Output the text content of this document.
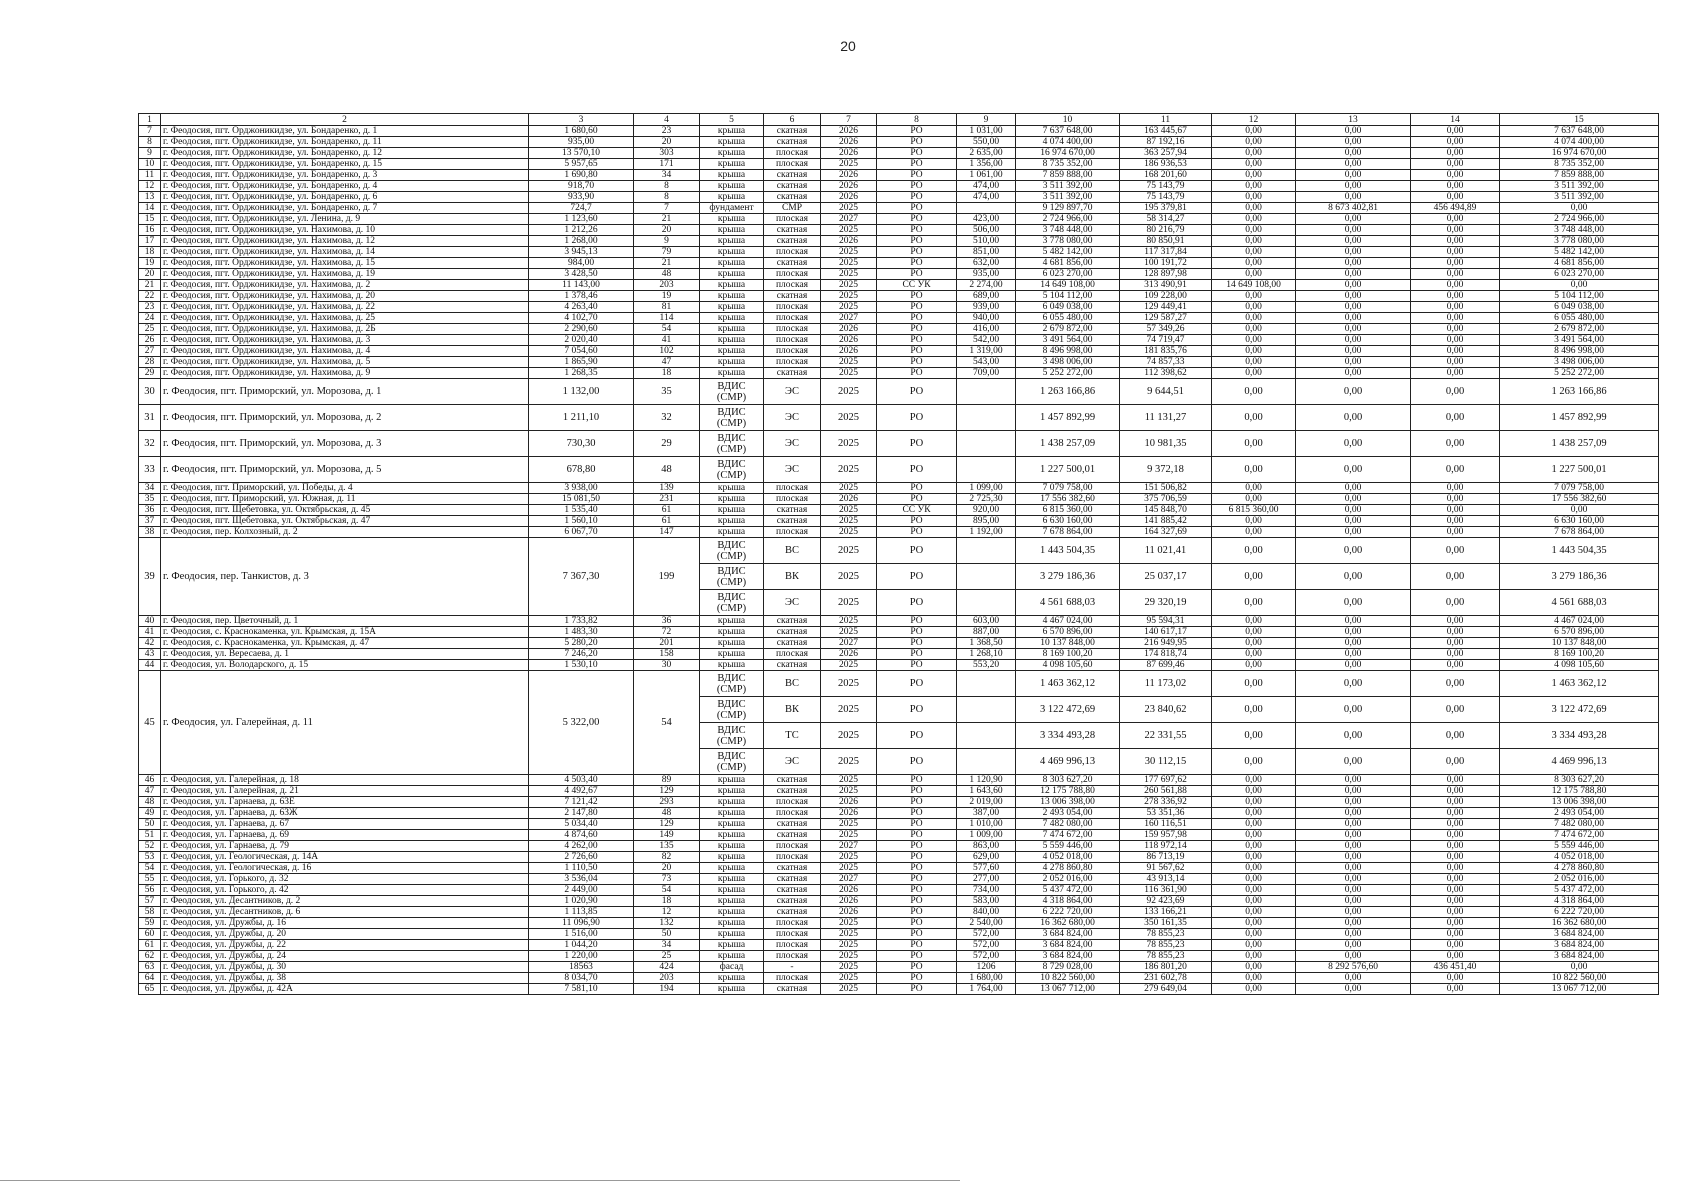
20
1	2	3	4	5	6	7	8	9	10	11	12	13	14	15
7	г. Феодосия, пгт. Орджоникидзе, ул. Бондаренко, д. 1	1 680,60	23	крыша	скатная	2026	РО	1 031,00	7 637 648,00	163 445,67	0,00	0,00	0,00	7 637 648,00
8	г. Феодосия, пгт. Орджоникидзе, ул. Бондаренко, д. 11	935,00	20	крыша	скатная	2026	РО	550,00	4 074 400,00	87 192,16	0,00	0,00	0,00	4 074 400,00
9	г. Феодосия, пгт. Орджоникидзе, ул. Бондаренко, д. 12	13 570,10	303	крыша	плоская	2026	РО	2 635,00	16 974 670,00	363 257,94	0,00	0,00	0,00	16 974 670,00
10	г. Феодосия, пгт. Орджоникидзе, ул. Бондаренко, д. 15	5 957,65	171	крыша	плоская	2025	РО	1 356,00	8 735 352,00	186 936,53	0,00	0,00	0,00	8 735 352,00
11	г. Феодосия, пгт. Орджоникидзе, ул. Бондаренко, д. 3	1 690,80	34	крыша	скатная	2026	РО	1 061,00	7 859 888,00	168 201,60	0,00	0,00	0,00	7 859 888,00
12	г. Феодосия, пгт. Орджоникидзе, ул. Бондаренко, д. 4	918,70	8	крыша	скатная	2026	РО	474,00	3 511 392,00	75 143,79	0,00	0,00	0,00	3 511 392,00
13	г. Феодосия, пгт. Орджоникидзе, ул. Бондаренко, д. 6	933,90	8	крыша	скатная	2026	РО	474,00	3 511 392,00	75 143,79	0,00	0,00	0,00	3 511 392,00
14	г. Феодосия, пгт. Орджоникидзе, ул. Бондаренко, д. 7	724,7	7	фундамент	СМР	2025	РО		9 129 897,70	195 379,81	0,00	8 673 402,81	456 494,89	0,00
15	г. Феодосия, пгт. Орджоникидзе, ул. Ленина, д. 9	1 123,60	21	крыша	плоская	2027	РО	423,00	2 724 966,00	58 314,27	0,00	0,00	0,00	2 724 966,00
16	г. Феодосия, пгт. Орджоникидзе, ул. Нахимова, д. 10	1 212,26	20	крыша	скатная	2025	РО	506,00	3 748 448,00	80 216,79	0,00	0,00	0,00	3 748 448,00
17	г. Феодосия, пгт. Орджоникидзе, ул. Нахимова, д. 12	1 268,00	9	крыша	скатная	2026	РО	510,00	3 778 080,00	80 850,91	0,00	0,00	0,00	3 778 080,00
18	г. Феодосия, пгт. Орджоникидзе, ул. Нахимова, д. 14	3 945,13	79	крыша	плоская	2025	РО	851,00	5 482 142,00	117 317,84	0,00	0,00	0,00	5 482 142,00
19	г. Феодосия, пгт. Орджоникидзе, ул. Нахимова, д. 15	984,00	21	крыша	скатная	2025	РО	632,00	4 681 856,00	100 191,72	0,00	0,00	0,00	4 681 856,00
20	г. Феодосия, пгт. Орджоникидзе, ул. Нахимова, д. 19	3 428,50	48	крыша	плоская	2025	РО	935,00	6 023 270,00	128 897,98	0,00	0,00	0,00	6 023 270,00
21	г. Феодосия, пгт. Орджоникидзе, ул. Нахимова, д. 2	11 143,00	203	крыша	плоская	2025	СС УК	2 274,00	14 649 108,00	313 490,91	14 649 108,00	0,00	0,00	0,00
22	г. Феодосия, пгт. Орджоникидзе, ул. Нахимова, д. 20	1 378,46	19	крыша	скатная	2025	РО	689,00	5 104 112,00	109 228,00	0,00	0,00	0,00	5 104 112,00
23	г. Феодосия, пгт. Орджоникидзе, ул. Нахимова, д. 22	4 263,40	81	крыша	плоская	2025	РО	939,00	6 049 038,00	129 449,41	0,00	0,00	0,00	6 049 038,00
24	г. Феодосия, пгт. Орджоникидзе, ул. Нахимова, д. 25	4 102,70	114	крыша	плоская	2027	РО	940,00	6 055 480,00	129 587,27	0,00	0,00	0,00	6 055 480,00
25	г. Феодосия, пгт. Орджоникидзе, ул. Нахимова, д. 2Б	2 290,60	54	крыша	плоская	2026	РО	416,00	2 679 872,00	57 349,26	0,00	0,00	0,00	2 679 872,00
26	г. Феодосия, пгт. Орджоникидзе, ул. Нахимова, д. 3	2 020,40	41	крыша	плоская	2026	РО	542,00	3 491 564,00	74 719,47	0,00	0,00	0,00	3 491 564,00
27	г. Феодосия, пгт. Орджоникидзе, ул. Нахимова, д. 4	7 054,60	102	крыша	плоская	2026	РО	1 319,00	8 496 998,00	181 835,76	0,00	0,00	0,00	8 496 998,00
28	г. Феодосия, пгт. Орджоникидзе, ул. Нахимова, д. 5	1 865,90	47	крыша	плоская	2025	РО	543,00	3 498 006,00	74 857,33	0,00	0,00	0,00	3 498 006,00
29	г. Феодосия, пгт. Орджоникидзе, ул. Нахимова, д. 9	1 268,35	18	крыша	скатная	2025	РО	709,00	5 252 272,00	112 398,62	0,00	0,00	0,00	5 252 272,00
30	г. Феодосия, пгт. Приморский, ул. Морозова, д. 1	1 132,00	35	ВДИС (СМР)	ЭС	2025	РО		1 263 166,86	9 644,51	0,00	0,00	0,00	1 263 166,86
31	г. Феодосия, пгт. Приморский, ул. Морозова, д. 2	1 211,10	32	ВДИС (СМР)	ЭС	2025	РО		1 457 892,99	11 131,27	0,00	0,00	0,00	1 457 892,99
32	г. Феодосия, пгт. Приморский, ул. Морозова, д. 3	730,30	29	ВДИС (СМР)	ЭС	2025	РО		1 438 257,09	10 981,35	0,00	0,00	0,00	1 438 257,09
33	г. Феодосия, пгт. Приморский, ул. Морозова, д. 5	678,80	48	ВДИС (СМР)	ЭС	2025	РО		1 227 500,01	9 372,18	0,00	0,00	0,00	1 227 500,01
34	г. Феодосия, пгт. Приморский, ул. Победы, д. 4	3 938,00	139	крыша	плоская	2025	РО	1 099,00	7 079 758,00	151 506,82	0,00	0,00	0,00	7 079 758,00
35	г. Феодосия, пгт. Приморский, ул. Южная, д. 11	15 081,50	231	крыша	плоская	2026	РО	2 725,30	17 556 382,60	375 706,59	0,00	0,00	0,00	17 556 382,60
36	г. Феодосия, пгт. Щебетовка, ул. Октябрьская, д. 45	1 535,40	61	крыша	скатная	2025	СС УК	920,00	6 815 360,00	145 848,70	6 815 360,00	0,00	0,00	0,00
37	г. Феодосия, пгт. Щебетовка, ул. Октябрьская, д. 47	1 560,10	61	крыша	скатная	2025	РО	895,00	6 630 160,00	141 885,42	0,00	0,00	0,00	6 630 160,00
38	г. Феодосия, пер. Колхозный, д. 2	6 067,70	147	крыша	плоская	2025	РО	1 192,00	7 678 864,00	164 327,69	0,00	0,00	0,00	7 678 864,00
39	г. Феодосия, пер. Танкистов, д. 3	7 367,30	199	ВДИС (СМР)	ВС	2025	РО		1 443 504,35	11 021,41	0,00	0,00	0,00	1 443 504,35
				ВДИС (СМР)	ВК	2025	РО		3 279 186,36	25 037,17	0,00	0,00	0,00	3 279 186,36
				ВДИС (СМР)	ЭС	2025	РО		4 561 688,03	29 320,19	0,00	0,00	0,00	4 561 688,03
40	г. Феодосия, пер. Цветочный, д. 1	1 733,82	36	крыша	скатная	2025	РО	603,00	4 467 024,00	95 594,31	0,00	0,00	0,00	4 467 024,00
41	г. Феодосия, с. Краснокаменка, ул. Крымская, д. 15А	1 483,30	72	крыша	скатная	2025	РО	887,00	6 570 896,00	140 617,17	0,00	0,00	0,00	6 570 896,00
42	г. Феодосия, с. Краснокаменка, ул. Крымская, д. 47	5 280,20	201	крыша	скатная	2027	РО	1 368,50	10 137 848,00	216 949,95	0,00	0,00	0,00	10 137 848,00
43	г. Феодосия, ул. Вересаева, д. 1	7 246,20	158	крыша	плоская	2026	РО	1 268,10	8 169 100,20	174 818,74	0,00	0,00	0,00	8 169 100,20
44	г. Феодосия, ул. Володарского, д. 15	1 530,10	30	крыша	скатная	2025	РО	553,20	4 098 105,60	87 699,46	0,00	0,00	0,00	4 098 105,60
45	г. Феодосия, ул. Галерейная, д. 11	5 322,00	54	ВДИС (СМР)	ВС	2025	РО		1 463 362,12	11 173,02	0,00	0,00	0,00	1 463 362,12
				ВДИС (СМР)	ВК	2025	РО		3 122 472,69	23 840,62	0,00	0,00	0,00	3 122 472,69
				ВДИС (СМР)	ТС	2025	РО		3 334 493,28	22 331,55	0,00	0,00	0,00	3 334 493,28
				ВДИС (СМР)	ЭС	2025	РО		4 469 996,13	30 112,15	0,00	0,00	0,00	4 469 996,13
46	г. Феодосия, ул. Галерейная, д. 18	4 503,40	89	крыша	скатная	2025	РО	1 120,90	8 303 627,20	177 697,62	0,00	0,00	0,00	8 303 627,20
47	г. Феодосия, ул. Галерейная, д. 21	4 492,67	129	крыша	скатная	2025	РО	1 643,60	12 175 788,80	260 561,88	0,00	0,00	0,00	12 175 788,80
48	г. Феодосия, ул. Гарнаева, д. 63Е	7 121,42	293	крыша	плоская	2026	РО	2 019,00	13 006 398,00	278 336,92	0,00	0,00	0,00	13 006 398,00
49	г. Феодосия, ул. Гарнаева, д. 63Ж	2 147,80	48	крыша	плоская	2026	РО	387,00	2 493 054,00	53 351,36	0,00	0,00	0,00	2 493 054,00
50	г. Феодосия, ул. Гарнаева, д. 67	5 034,40	129	крыша	скатная	2025	РО	1 010,00	7 482 080,00	160 116,51	0,00	0,00	0,00	7 482 080,00
51	г. Феодосия, ул. Гарнаева, д. 69	4 874,60	149	крыша	скатная	2025	РО	1 009,00	7 474 672,00	159 957,98	0,00	0,00	0,00	7 474 672,00
52	г. Феодосия, ул. Гарнаева, д. 79	4 262,00	135	крыша	плоская	2027	РО	863,00	5 559 446,00	118 972,14	0,00	0,00	0,00	5 559 446,00
53	г. Феодосия, ул. Геологическая, д. 14А	2 726,60	82	крыша	плоская	2025	РО	629,00	4 052 018,00	86 713,19	0,00	0,00	0,00	4 052 018,00
54	г. Феодосия, ул. Геологическая, д. 16	1 110,50	20	крыша	скатная	2025	РО	577,60	4 278 860,80	91 567,62	0,00	0,00	0,00	4 278 860,80
55	г. Феодосия, ул. Горького, д. 32	3 536,04	73	крыша	скатная	2027	РО	277,00	2 052 016,00	43 913,14	0,00	0,00	0,00	2 052 016,00
56	г. Феодосия, ул. Горького, д. 42	2 449,00	54	крыша	скатная	2026	РО	734,00	5 437 472,00	116 361,90	0,00	0,00	0,00	5 437 472,00
57	г. Феодосия, ул. Десантников, д. 2	1 020,90	18	крыша	скатная	2026	РО	583,00	4 318 864,00	92 423,69	0,00	0,00	0,00	4 318 864,00
58	г. Феодосия, ул. Десантников, д. 6	1 113,85	12	крыша	скатная	2026	РО	840,00	6 222 720,00	133 166,21	0,00	0,00	0,00	6 222 720,00
59	г. Феодосия, ул. Дружбы, д. 16	11 096,90	132	крыша	плоская	2025	РО	2 540,00	16 362 680,00	350 161,35	0,00	0,00	0,00	16 362 680,00
60	г. Феодосия, ул. Дружбы, д. 20	1 516,00	50	крыша	плоская	2025	РО	572,00	3 684 824,00	78 855,23	0,00	0,00	0,00	3 684 824,00
61	г. Феодосия, ул. Дружбы, д. 22	1 044,20	34	крыша	плоская	2025	РО	572,00	3 684 824,00	78 855,23	0,00	0,00	0,00	3 684 824,00
62	г. Феодосия, ул. Дружбы, д. 24	1 220,00	25	крыша	плоская	2025	РО	572,00	3 684 824,00	78 855,23	0,00	0,00	0,00	3 684 824,00
63	г. Феодосия, ул. Дружбы, д. 30	18563	424	фасад	-	2025	РО	1206	8 729 028,00	186 801,20	0,00	8 292 576,60	436 451,40	0,00
64	г. Феодосия, ул. Дружбы, д. 38	8 034,70	203	крыша	плоская	2025	РО	1 680,00	10 822 560,00	231 602,78	0,00	0,00	0,00	10 822 560,00
65	г. Феодосия, ул. Дружбы, д. 42А	7 581,10	194	крыша	скатная	2025	РО	1 764,00	13 067 712,00	279 649,04	0,00	0,00	0,00	13 067 712,00
